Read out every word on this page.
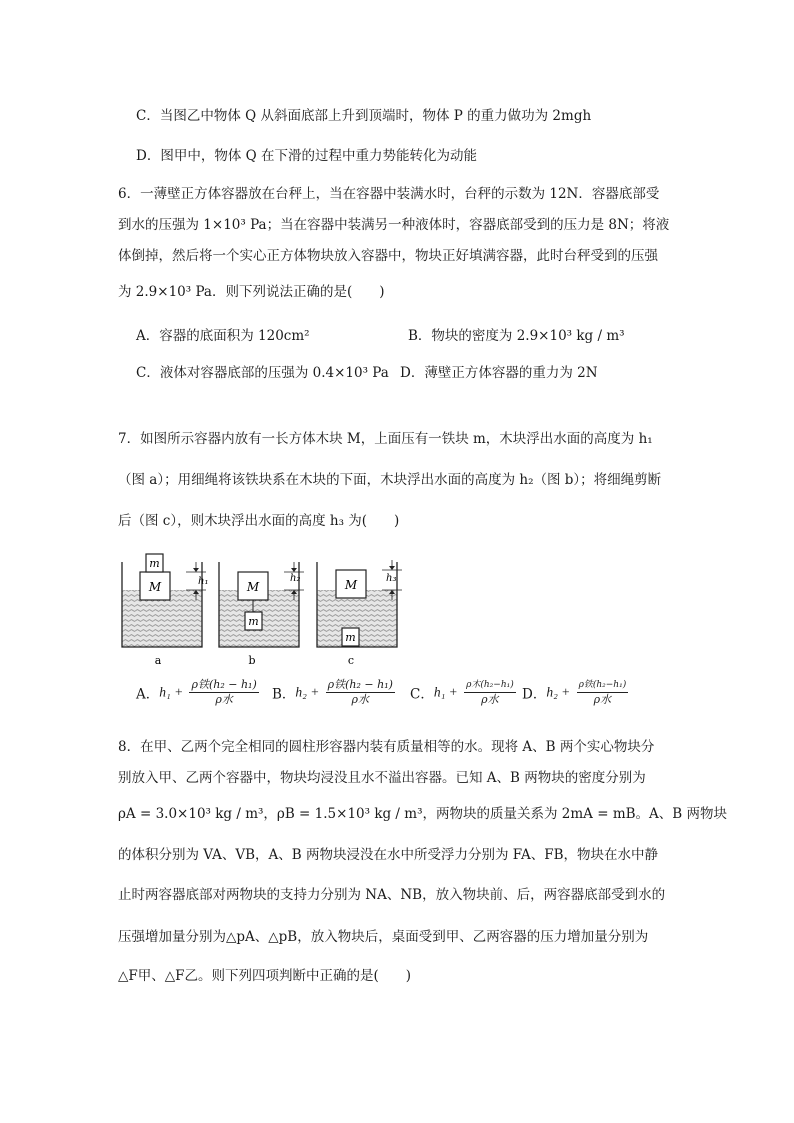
C．当图乙中物体 Q 从斜面底部上升到顶端时，物体 P 的重力做功为 2mgh
D．图甲中，物体 Q 在下滑的过程中重力势能转化为动能
6．一薄壁正方体容器放在台秤上，当在容器中装满水时，台秤的示数为 12N．容器底部受
到水的压强为 1×10³ Pa；当在容器中装满另一种液体时，容器底部受到的压力是 8N；将液
体倒掉，然后将一个实心正方体物块放入容器中，物块正好填满容器，此时台秤受到的压强
为 2.9×10³ Pa．则下列说法正确的是(　　)
A．容器的底面积为 120cm²	B．物块的密度为 2.9×10³ kg / m³
C．液体对容器底部的压强为 0.4×10³ Pa D．薄壁正方体容器的重力为 2N
7．如图所示容器内放有一长方体木块 M，上面压有一铁块 m，木块浮出水面的高度为 h₁
（图 a）；用细绳将该铁块系在木块的下面，木块浮出水面的高度为 h₂（图 b）；将细绳剪断
后（图 c），则木块浮出水面的高度 h₃ 为(　　)
M
m
h₁
a
M
m
h₂
b
M
m
h₃
c
A．$h_1 + \frac{\text{ρ铁(h₂ − h₁)}}{\text{ρ水}}$ B．$h_2 + \frac{\text{ρ铁(h₂ − h₁)}}{\text{ρ水}}$ C．$h_1 + \frac{\text{ρ木(h₂−h₁)}}{\text{ρ水}}$ D．$h_2 + \frac{\text{ρ铁(h₂−h₁)}}{\text{ρ水}}$
8．在甲、乙两个完全相同的圆柱形容器内装有质量相等的水。现将 A、B 两个实心物块分
别放入甲、乙两个容器中，物块均浸没且水不溢出容器。已知 A、B 两物块的密度分别为
ρA = 3.0×10³ kg / m³，ρB = 1.5×10³ kg / m³，两物块的质量关系为 2mA = mB。A、B 两物块
的体积分别为 VA、VB，A、B 两物块浸没在水中所受浮力分别为 FA、FB，物块在水中静
止时两容器底部对两物块的支持力分别为 NA、NB，放入物块前、后，两容器底部受到水的
压强增加量分别为△pA、△pB，放入物块后，桌面受到甲、乙两容器的压力增加量分别为
△F甲、△F乙。则下列四项判断中正确的是(　　)
